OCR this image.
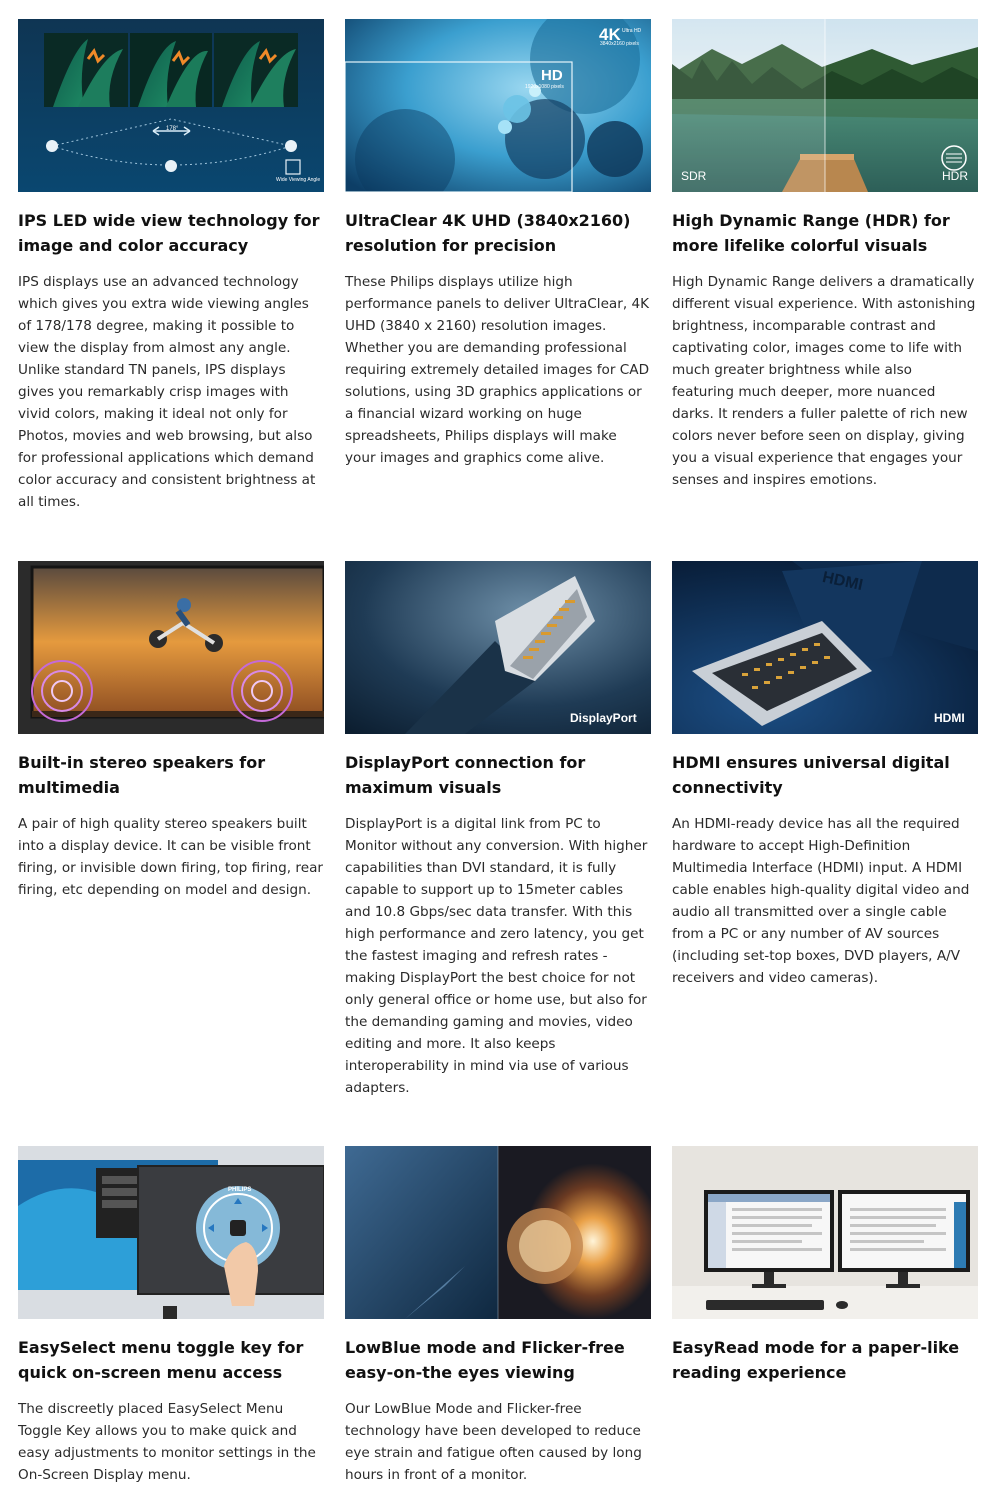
178°
Wide Viewing Angle
IPS LED wide view technology for image and color accuracy
IPS displays use an advanced technology which gives you extra wide viewing angles of 178/178 degree, making it possible to view the display from almost any angle. Unlike standard TN panels, IPS displays gives you remarkably crisp images with vivid colors, making it ideal not only for Photos, movies and web browsing, but also for professional applications which demand color accuracy and consistent brightness at all times.
4K Ultra HD
3840x2160 pixels
HD
1920x1080 pixels
UltraClear 4K UHD (3840x2160) resolution for precision
These Philips displays utilize high performance panels to deliver UltraClear, 4K UHD (3840 x 2160) resolution images. Whether you are demanding professional requiring extremely detailed images for CAD solutions, using 3D graphics applications or a financial wizard working on huge spreadsheets, Philips displays will make your images and graphics come alive.
SDR	HDR
High Dynamic Range (HDR) for more lifelike colorful visuals
High Dynamic Range delivers a dramatically different visual experience. With astonishing brightness, incomparable contrast and captivating color, images come to life with much greater brightness while also featuring much deeper, more nuanced darks. It renders a fuller palette of rich new colors never before seen on display, giving you a visual experience that engages your senses and inspires emotions.
Built-in stereo speakers for multimedia
A pair of high quality stereo speakers built into a display device. It can be visible front firing, or invisible down firing, top firing, rear firing, etc depending on model and design.
DisplayPort
DisplayPort connection for maximum visuals
DisplayPort is a digital link from PC to Monitor without any conversion. With higher capabilities than DVI standard, it is fully capable to support up to 15meter cables and 10.8 Gbps/sec data transfer. With this high performance and zero latency, you get the fastest imaging and refresh rates - making DisplayPort the best choice for not only general office or home use, but also for the demanding gaming and movies, video editing and more. It also keeps interoperability in mind via use of various adapters.
HDMI
HDMI
HDMI ensures universal digital connectivity
An HDMI-ready device has all the required hardware to accept High-Definition Multimedia Interface (HDMI) input. A HDMI cable enables high-quality digital video and audio all transmitted over a single cable from a PC or any number of AV sources (including set-top boxes, DVD players, A/V receivers and video cameras).
PHILIPS
EasySelect menu toggle key for quick on-screen menu access
The discreetly placed EasySelect Menu Toggle Key allows you to make quick and easy adjustments to monitor settings in the On-Screen Display menu.
LowBlue mode and Flicker-free easy-on-the eyes viewing
Our LowBlue Mode and Flicker-free technology have been developed to reduce eye strain and fatigue often caused by long hours in front of a monitor.
EasyRead mode for a paper-like reading experience
